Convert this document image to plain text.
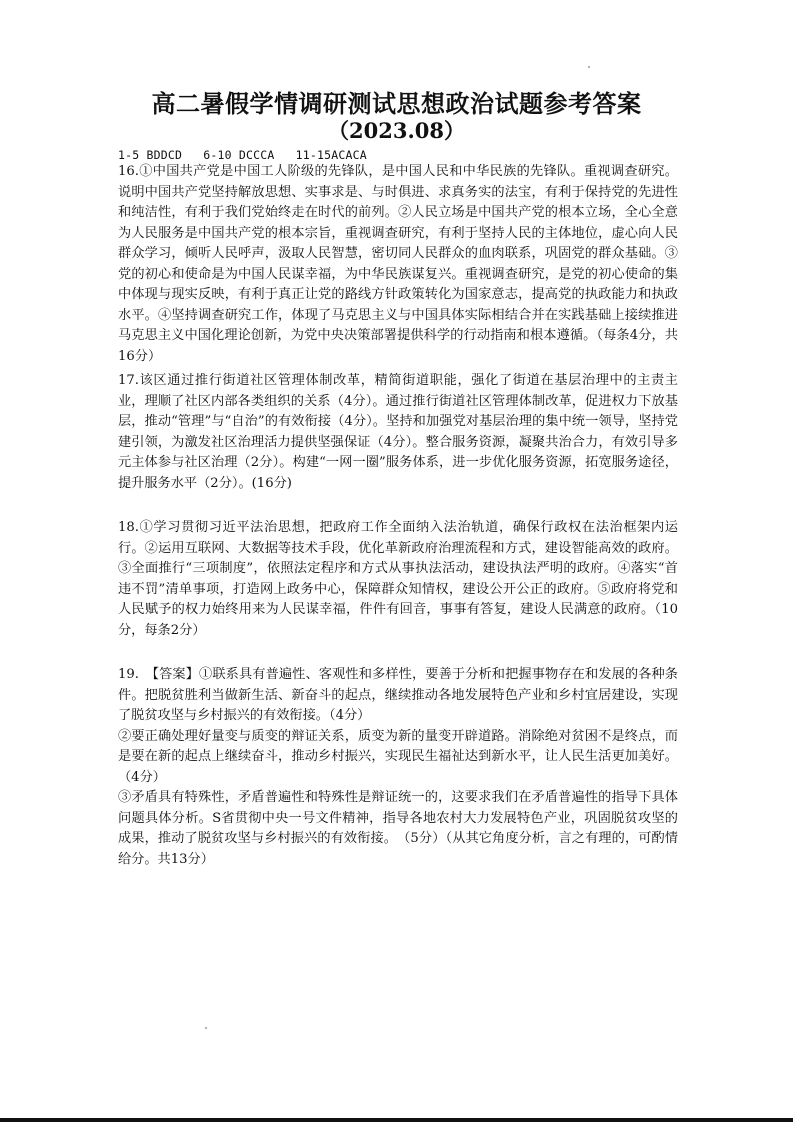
高二暑假学情调研测试思想政治试题参考答案
（2023.08）
1-5 BDDCD 6-10 DCCCA 11-15ACACA

16.①中国共产党是中国工人阶级的先锋队，是中国人民和中华民族的先锋队。重视调查研究。说明中国共产党坚持解放思想、实事求是、与时俱进、求真务实的法宝，有利于保持党的先进性和纯洁性，有利于我们党始终走在时代的前列。②人民立场是中国共产党的根本立场，全心全意为人民服务是中国共产党的根本宗旨，重视调查研究，有利于坚持人民的主体地位，虚心向人民群众学习，倾听人民呼声，汲取人民智慧，密切同人民群众的血肉联系，巩固党的群众基础。③党的初心和使命是为中国人民谋幸福，为中华民族谋复兴。重视调查研究，是党的初心使命的集中体现与现实反映，有利于真正让党的路线方针政策转化为国家意志，提高党的执政能力和执政水平。④坚持调查研究工作，体现了马克思主义与中国具体实际相结合并在实践基础上接续推进马克思主义中国化理论创新，为党中央决策部署提供科学的行动指南和根本遵循。（每条4分，共16分）

17.该区通过推行街道社区管理体制改革，精简街道职能，强化了街道在基层治理中的主责主业，理顺了社区内部各类组织的关系（4分）。通过推行街道社区管理体制改革，促进权力下放基层，推动“管理”与“自治”的有效衔接（4分）。坚持和加强党对基层治理的集中统一领导，坚持党建引领，为激发社区治理活力提供坚强保证（4分）。整合服务资源，凝聚共治合力，有效引导多元主体参与社区治理（2分）。构建“一网一圈”服务体系，进一步优化服务资源，拓宽服务途径，提升服务水平（2分）。(16分)

18.①学习贯彻习近平法治思想，把政府工作全面纳入法治轨道，确保行政权在法治框架内运行。②运用互联网、大数据等技术手段，优化革新政府治理流程和方式，建设智能高效的政府。③全面推行“三项制度”，依照法定程序和方式从事执法活动，建设执法严明的政府。④落实“首违不罚”清单事项，打造网上政务中心，保障群众知情权，建设公开公正的政府。⑤政府将党和人民赋予的权力始终用来为人民谋幸福，件件有回音，事事有答复，建设人民满意的政府。（10分，每条2分）

19.　【答案】①联系具有普遍性、客观性和多样性，要善于分析和把握事物存在和发展的各种条件。把脱贫胜利当做新生活、新奋斗的起点，继续推动各地发展特色产业和乡村宜居建设，实现了脱贫攻坚与乡村振兴的有效衔接。（4分）

②要正确处理好量变与质变的辩证关系，质变为新的量变开辟道路。消除绝对贫困不是终点，而是要在新的起点上继续奋斗，推动乡村振兴，实现民生福祉达到新水平，让人民生活更加美好。（4分）

③矛盾具有特殊性，矛盾普遍性和特殊性是辩证统一的，这要求我们在矛盾普遍性的指导下具体问题具体分析。S省贯彻中央一号文件精神，指导各地农村大力发展特色产业，巩固脱贫攻坚的成果，推动了脱贫攻坚与乡村振兴的有效衔接。　（5分）（从其它角度分析，言之有理的，可酌情给分。共13分）
